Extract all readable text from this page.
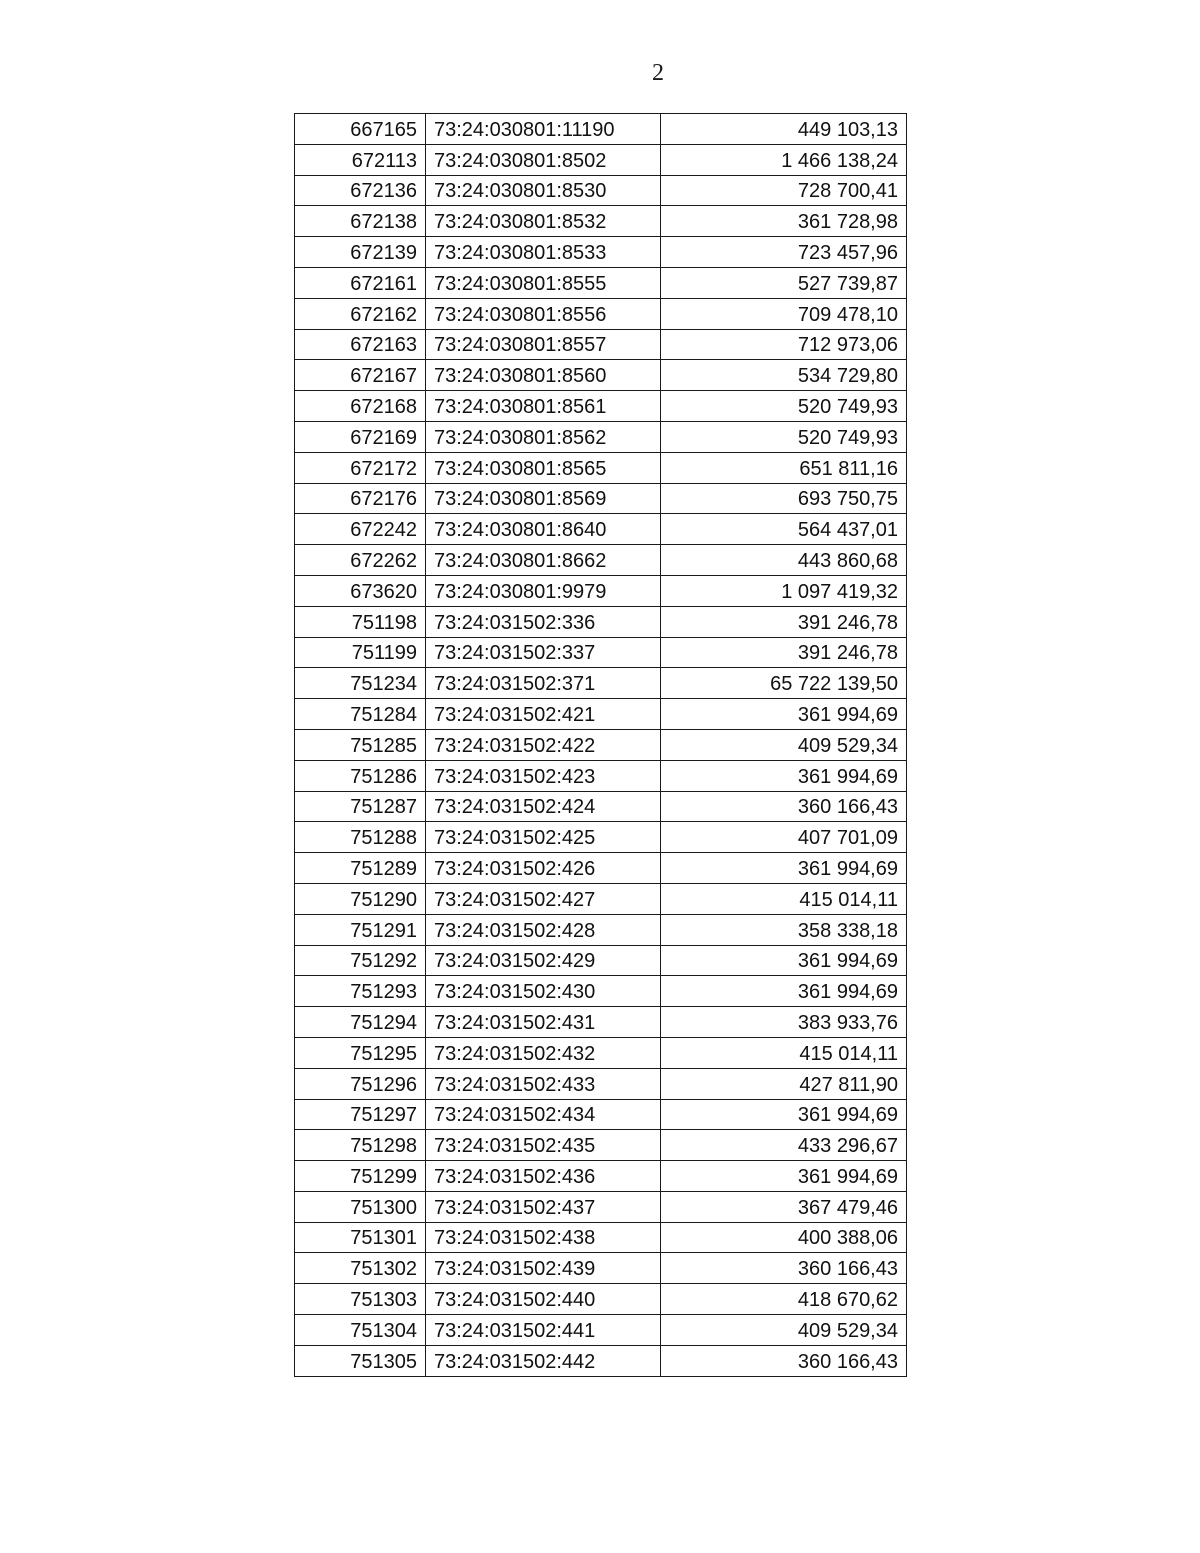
2
667165	73:24:030801:11190	449 103,13
672113	73:24:030801:8502	1 466 138,24
672136	73:24:030801:8530	728 700,41
672138	73:24:030801:8532	361 728,98
672139	73:24:030801:8533	723 457,96
672161	73:24:030801:8555	527 739,87
672162	73:24:030801:8556	709 478,10
672163	73:24:030801:8557	712 973,06
672167	73:24:030801:8560	534 729,80
672168	73:24:030801:8561	520 749,93
672169	73:24:030801:8562	520 749,93
672172	73:24:030801:8565	651 811,16
672176	73:24:030801:8569	693 750,75
672242	73:24:030801:8640	564 437,01
672262	73:24:030801:8662	443 860,68
673620	73:24:030801:9979	1 097 419,32
751198	73:24:031502:336	391 246,78
751199	73:24:031502:337	391 246,78
751234	73:24:031502:371	65 722 139,50
751284	73:24:031502:421	361 994,69
751285	73:24:031502:422	409 529,34
751286	73:24:031502:423	361 994,69
751287	73:24:031502:424	360 166,43
751288	73:24:031502:425	407 701,09
751289	73:24:031502:426	361 994,69
751290	73:24:031502:427	415 014,11
751291	73:24:031502:428	358 338,18
751292	73:24:031502:429	361 994,69
751293	73:24:031502:430	361 994,69
751294	73:24:031502:431	383 933,76
751295	73:24:031502:432	415 014,11
751296	73:24:031502:433	427 811,90
751297	73:24:031502:434	361 994,69
751298	73:24:031502:435	433 296,67
751299	73:24:031502:436	361 994,69
751300	73:24:031502:437	367 479,46
751301	73:24:031502:438	400 388,06
751302	73:24:031502:439	360 166,43
751303	73:24:031502:440	418 670,62
751304	73:24:031502:441	409 529,34
751305	73:24:031502:442	360 166,43
